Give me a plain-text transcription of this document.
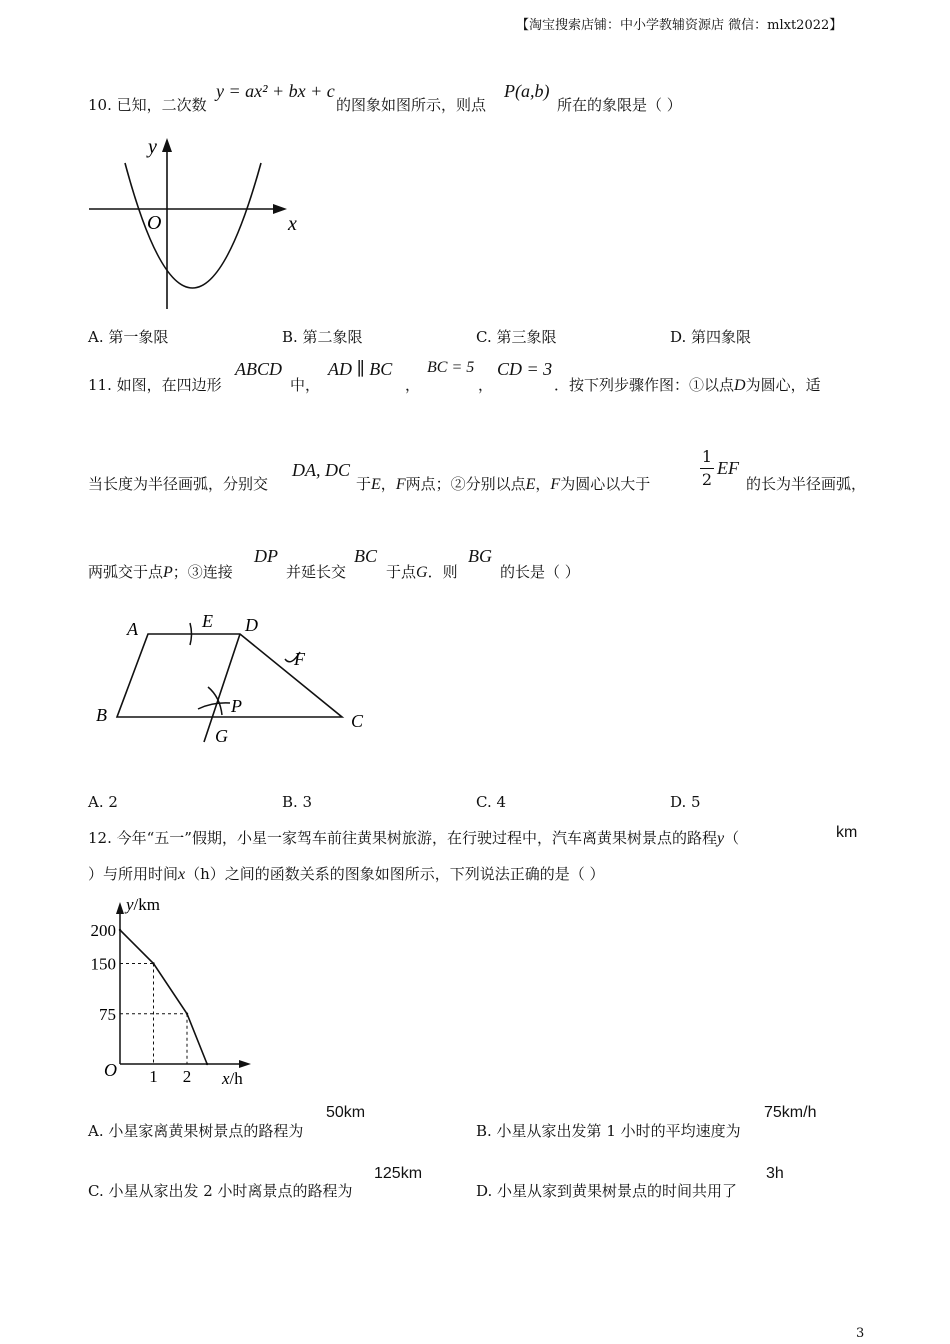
【淘宝搜索店铺：中小学教辅资源店 微信：mlxt2022】
10. 已知，二次数
y = ax² + bx + c
的图象如图所示，则点
P(a,b)
所在的象限是（ ）
y
x
O
A. 第一象限	B. 第二象限	C. 第三象限	D. 第四象限
11. 如图，在四边形
ABCD
中，
AD ∥ BC
，
BC = 5
，
CD = 3
．按下列步骤作图：①以点D为圆心，适
当长度为半径画弧，分别交
DA, DC
于E，F两点；②分别以点E，F为圆心以大于
1
2
EF
的长为半径画弧，
两弧交于点P；③连接
DP
并延长交
BC
于点G．则
BG
的长是（ ）
A	E D
F
B	P
C
G
A. 2	B. 3	C. 4	D. 5
12. 今年“五一”假期，小星一家驾车前往黄果树旅游，在行驶过程中，汽车离黄果树景点的路程y（	km
）与所用时间x（h）之间的函数关系的图象如图所示，下列说法正确的是（ ）
75
150
200
1 2
O
y/km
x/h
A. 小星家离黄果树景点的路程为
50km
B. 小星从家出发第 1 小时的平均速度为
75km/h
C. 小星从家出发 2 小时离景点的路程为
125km
D. 小星从家到黄果树景点的时间共用了
3h
3
